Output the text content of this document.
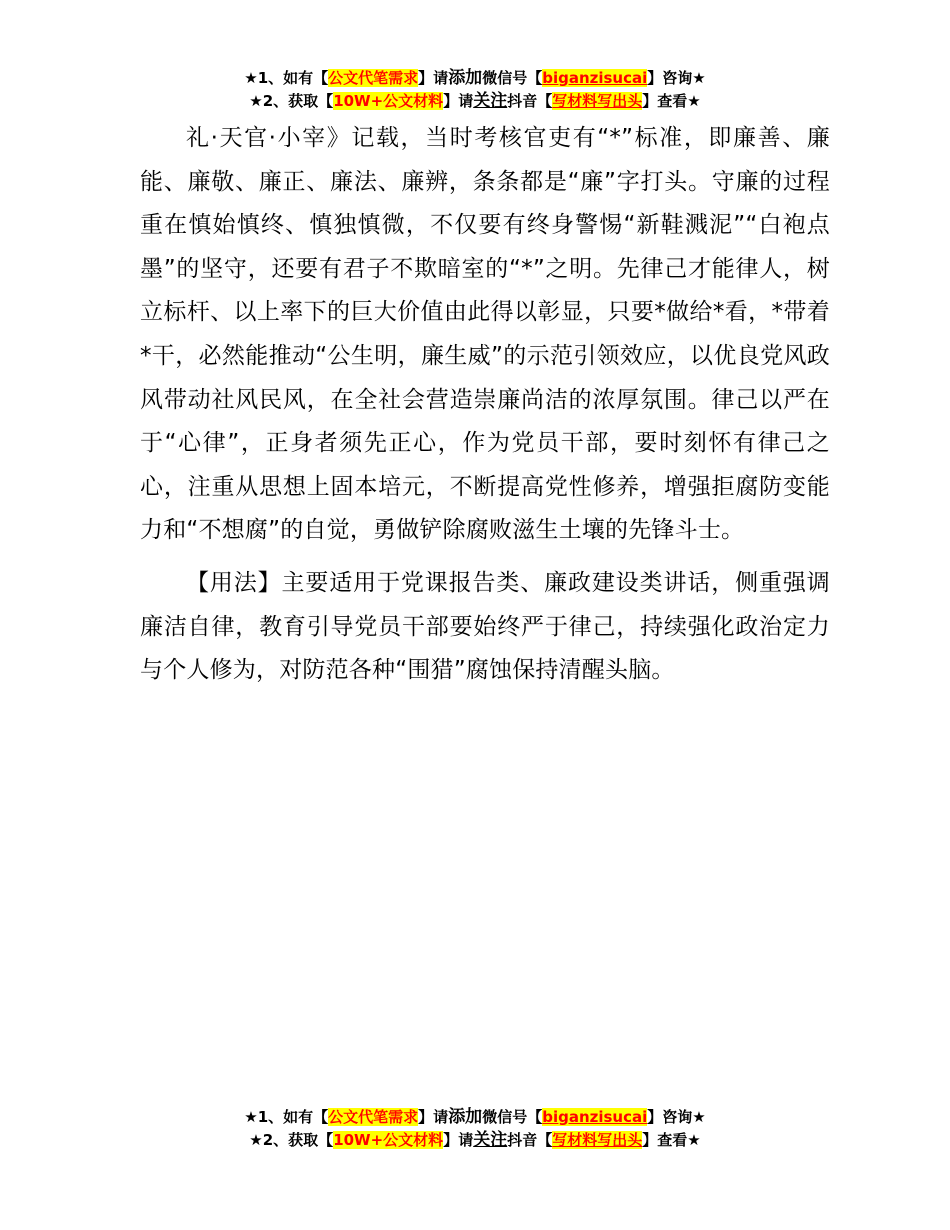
★1、如有【公文代笔需求】请添加微信号【biganzisucai】咨询★
★2、获取【10W+公文材料】请关注抖音【写材料写出头】查看★

礼·天官·小宰》记载，当时考核官吏有“*”标准，即廉善、廉能、廉敬、廉正、廉法、廉辨，条条都是“廉”字打头。守廉的过程重在慎始慎终、慎独慎微，不仅要有终身警惕“新鞋溅泥”“白袍点墨”的坚守，还要有君子不欺暗室的“*”之明。先律己才能律人，树立标杆、以上率下的巨大价值由此得以彰显，只要*做给*看，*带着*干，必然能推动“公生明，廉生威”的示范引领效应，以优良党风政风带动社风民风，在全社会营造崇廉尚洁的浓厚氛围。律己以严在于“心律”，正身者须先正心，作为党员干部，要时刻怀有律己之心，注重从思想上固本培元，不断提高党性修养，增强拒腐防变能力和“不想腐”的自觉，勇做铲除腐败滋生土壤的先锋斗士。

【用法】主要适用于党课报告类、廉政建设类讲话，侧重强调廉洁自律，教育引导党员干部要始终严于律己，持续强化政治定力与个人修为，对防范各种“围猎”腐蚀保持清醒头脑。

★1、如有【公文代笔需求】请添加微信号【biganzisucai】咨询★
★2、获取【10W+公文材料】请关注抖音【写材料写出头】查看★
